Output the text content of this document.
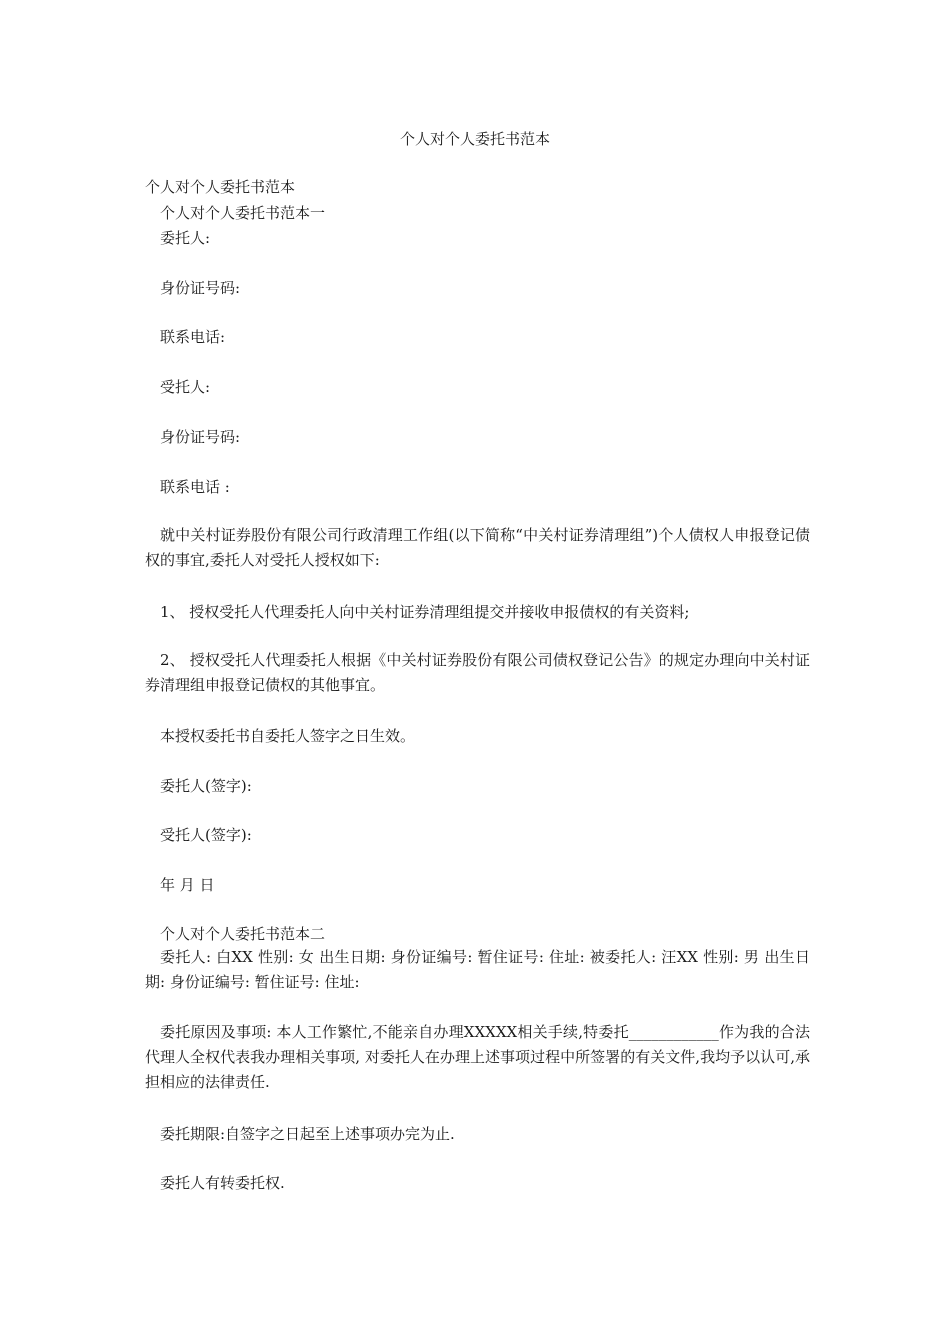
个人对个人委托书范本
个人对个人委托书范本
个人对个人委托书范本一
委托人:
身份证号码:
联系电话:
受托人:
身份证号码:
联系电话 :
就中关村证券股份有限公司行政清理工作组(以下简称“中关村证券清理组”)个人债权人申报登记债权的事宜,委托人对受托人授权如下:
1、 授权受托人代理委托人向中关村证券清理组提交并接收申报债权的有关资料;
2、 授权受托人代理委托人根据《中关村证券股份有限公司债权登记公告》的规定办理向中关村证券清理组申报登记债权的其他事宜。
本授权委托书自委托人签字之日生效。
委托人(签字):
受托人(签字):
年 月 日
个人对个人委托书范本二
委托人: 白XX 性别: 女 出生日期: 身份证编号: 暂住证号: 住址: 被委托人: 汪XX 性别: 男 出生日期: 身份证编号: 暂住证号: 住址:
委托原因及事项: 本人工作繁忙,不能亲自办理XXXXX相关手续,特委托____________作为我的合法代理人全权代表我办理相关事项, 对委托人在办理上述事项过程中所签署的有关文件,我均予以认可,承担相应的法律责任.
委托期限:自签字之日起至上述事项办完为止.
委托人有转委托权.
